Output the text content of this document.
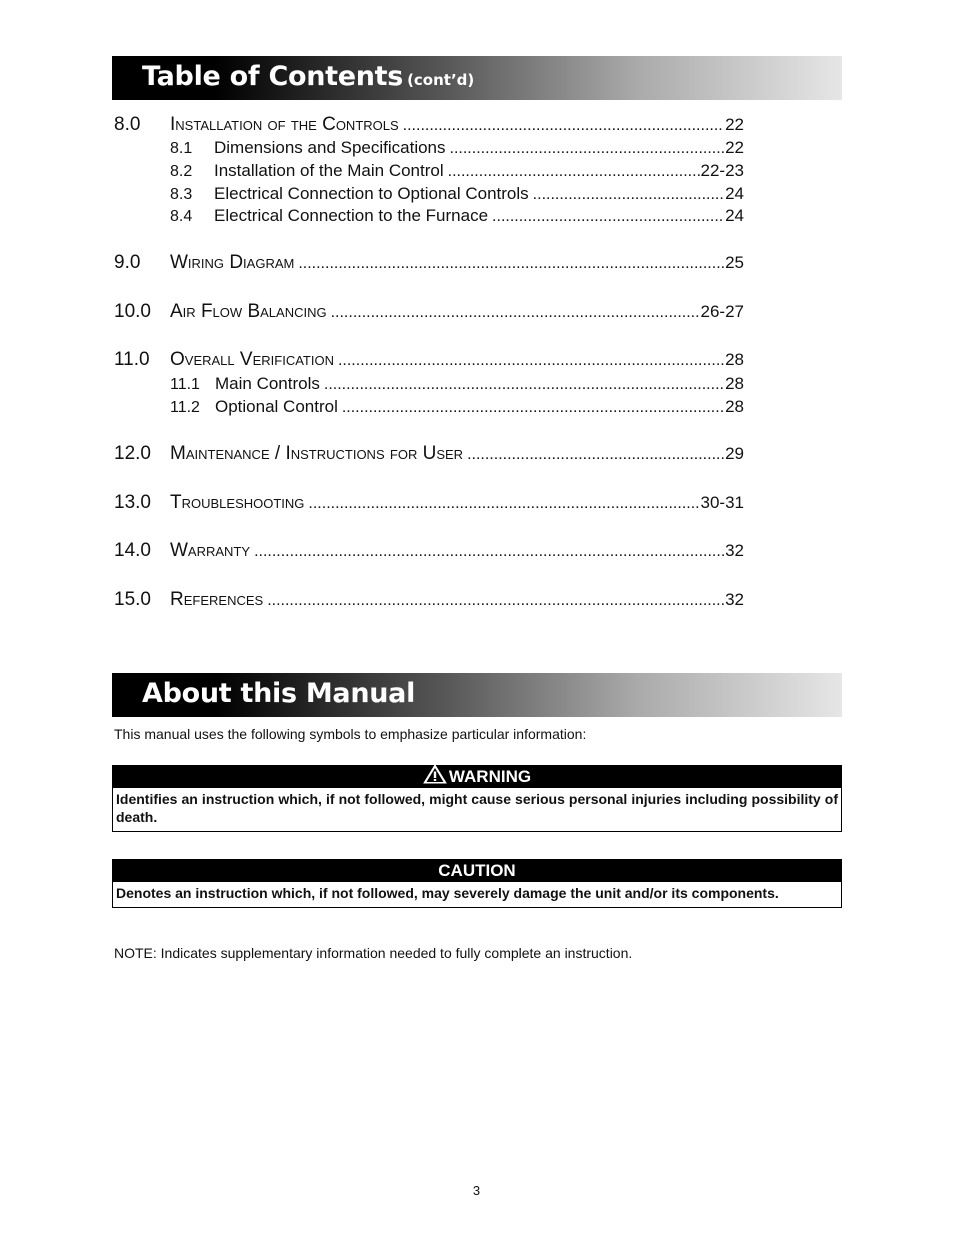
Table of Contents (cont’d)
8.0	Installation of the Controls .....	22
8.1	Dimensions and Specifications .....	22
8.2	Installation of the Main Control .....	22-23
8.3	Electrical Connection to Optional Controls .....	24
8.4	Electrical Connection to the Furnace .....	24
9.0	Wiring Diagram .....	25
10.0	Air Flow Balancing .....	26-27
11.0	Overall Verification .....	28
11.1 Main Controls .....	28
11.2 Optional Control .....	28
12.0	Maintenance / Instructions for User .....	29
13.0	Troubleshooting .....	30-31
14.0	Warranty .....	32
15.0	References .....	32
About this Manual
This manual uses the following symbols to emphasize particular information:
WARNING
Identifies an instruction which, if not followed, might cause serious personal injuries including possibility of death.
CAUTION
Denotes an instruction which, if not followed, may severely damage the unit and/or its components.
NOTE: Indicates supplementary information needed to fully complete an instruction.
3
